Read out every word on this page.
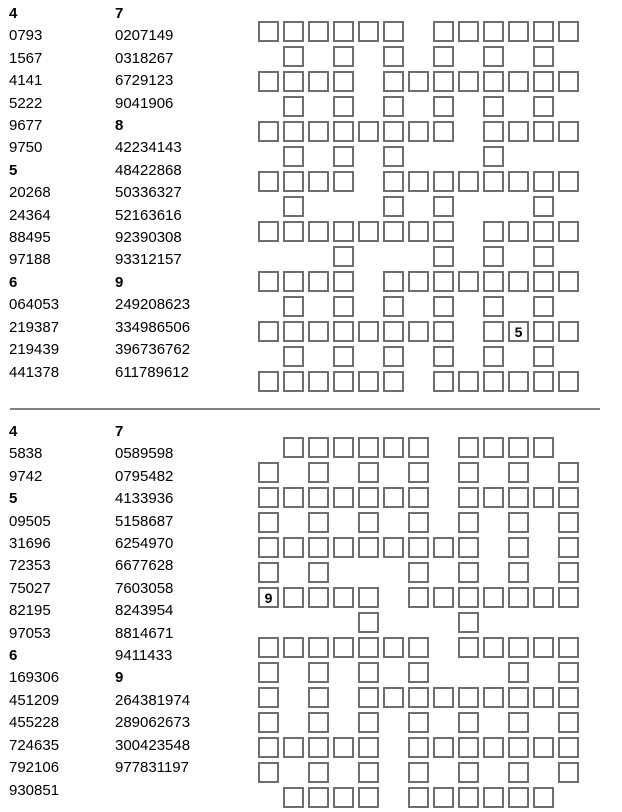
4
0793
1567
4141
5222
9677
9750
5
20268
24364
88495
97188
6
064053
219387
219439
441378
7
0207149
0318267
6729123
9041906
8
42234143
48422868
50336327
52163616
92390308
93312157
9
249208623
334986506
396736762
611789612
5
4
5838
9742
5
09505
31696
72353
75027
82195
97053
6
169306
451209
455228
724635
792106
930851
7
0589598
0795482
4133936
5158687
6254970
6677628
7603058
8243954
8814671
9411433
9
264381974
289062673
300423548
977831197
9
